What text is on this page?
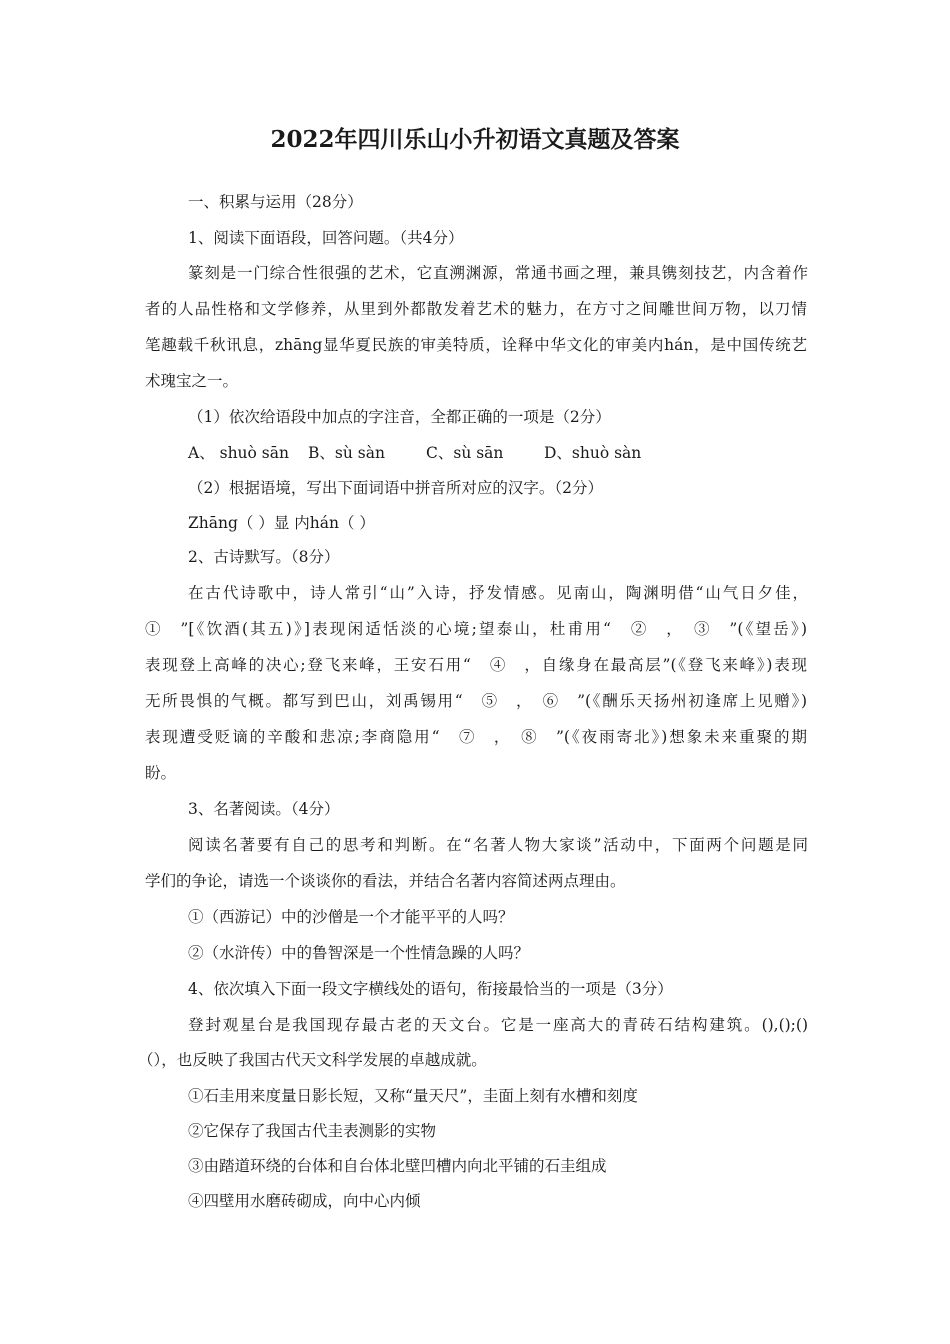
2022年四川乐山小升初语文真题及答案
一、积累与运用（28分）
1、阅读下面语段，回答问题。（共4分）
篆刻是一门综合性很强的艺术，它直溯渊源，常通书画之理，兼具镌刻技艺，内含着作
者的人品性格和文学修养，从里到外都散发着艺术的魅力，在方寸之间雕世间万物，以刀情
笔趣载千秋讯息，zhāng显华夏民族的审美特质，诠释中华文化的审美内hán，是中国传统艺
术瑰宝之一。
（1）依次给语段中加点的字注音，全都正确的一项是（2分）
A、 shuò sān B、sù sàn	C、sù sān	D、shuò sàn
（2）根据语境，写出下面词语中拼音所对应的汉字。（2分）
Zhāng（ ）显 内hán（ ）
2、古诗默写。（8分）
在古代诗歌中，诗人常引“山”入诗，抒发情感。见南山，陶渊明借“山气日夕佳，
①　”[《饮酒(其五)》]表现闲适恬淡的心境;望泰山，杜甫用“　②　，　③　”(《望岳》)
表现登上高峰的决心;登飞来峰，王安石用“　④　，自缘身在最高层”(《登飞来峰》)表现
无所畏惧的气概。都写到巴山，刘禹锡用“　⑤　，　⑥　”(《酬乐天扬州初逢席上见赠》)
表现遭受贬谪的辛酸和悲凉;李商隐用“　⑦　，　⑧　”(《夜雨寄北》)想象未来重聚的期
盼。
3、名著阅读。（4分）
阅读名著要有自己的思考和判断。在“名著人物大家谈”活动中，下面两个问题是同
学们的争论，请选一个谈谈你的看法，并结合名著内容简述两点理由。
①（西游记）中的沙僧是一个才能平平的人吗？
②（水浒传）中的鲁智深是一个性情急躁的人吗？
4、依次填入下面一段文字横线处的语句，衔接最恰当的一项是（3分）
登封观星台是我国现存最古老的天文台。它是一座高大的青砖石结构建筑。(),();()
（），也反映了我国古代天文科学发展的卓越成就。
①石圭用来度量日影长短，又称“量天尺”，圭面上刻有水槽和刻度
②它保存了我国古代圭表测影的实物
③由踏道环绕的台体和自台体北壁凹槽内向北平铺的石圭组成
④四壁用水磨砖砌成，向中心内倾
